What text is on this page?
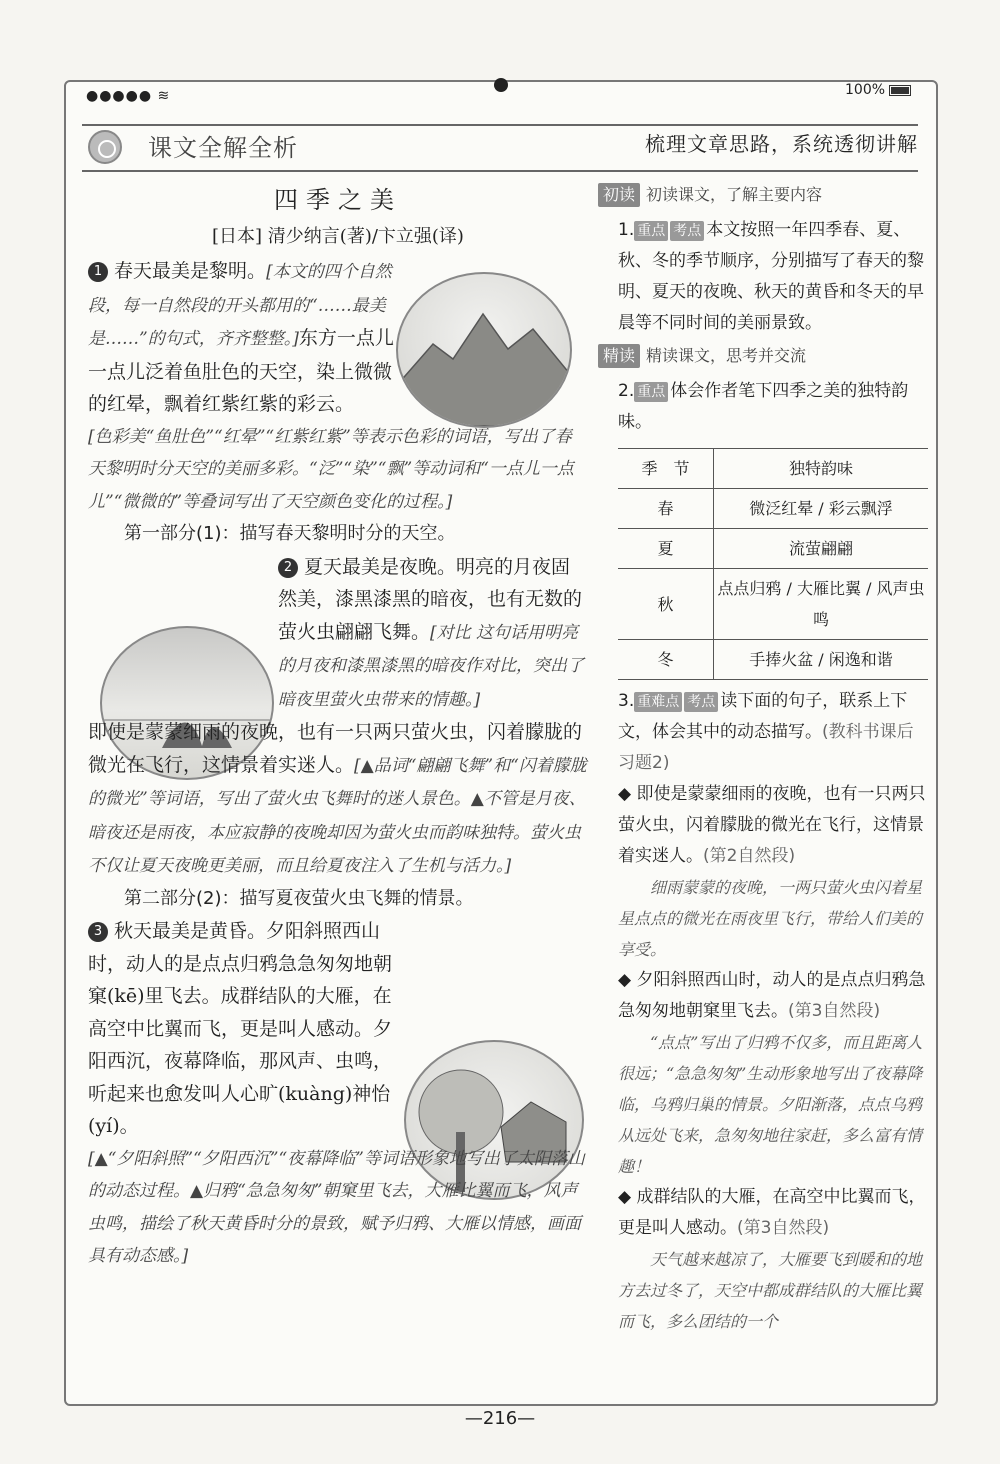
●●●●● ≋	100%
课文全解全析	梳理文章思路，系统透彻讲解
四季之美
[日本] 清少纳言(著)/卞立强(译)
1 春天最美是黎明。[本文的四个自然段，每一自然段的开头都用的“……最美是……”的句式，齐齐整整。]东方一点儿一点儿泛着鱼肚色的天空，染上微微的红晕，飘着红紫红紫的彩云。
[色彩美“鱼肚色”“红晕”“红紫红紫”等表示色彩的词语，写出了春天黎明时分天空的美丽多彩。“泛”“染”“飘”等动词和“一点儿一点儿”“微微的”等叠词写出了天空颜色变化的过程。]
第一部分(1)：描写春天黎明时分的天空。
2 夏天最美是夜晚。明亮的月夜固然美，漆黑漆黑的暗夜，也有无数的萤火虫翩翩飞舞。[对比 这句话用明亮的月夜和漆黑漆黑的暗夜作对比，突出了暗夜里萤火虫带来的情趣。]
即使是蒙蒙细雨的夜晚，也有一只两只萤火虫，闪着朦胧的微光在飞行，这情景着实迷人。[▲品词“翩翩飞舞”和“闪着朦胧的微光”等词语，写出了萤火虫飞舞时的迷人景色。▲不管是月夜、暗夜还是雨夜，本应寂静的夜晚却因为萤火虫而韵味独特。萤火虫不仅让夏天夜晚更美丽，而且给夏夜注入了生机与活力。]
第二部分(2)：描写夏夜萤火虫飞舞的情景。
3 秋天最美是黄昏。夕阳斜照西山时，动人的是点点归鸦急急匆匆地朝窠(kē)里飞去。成群结队的大雁，在高空中比翼而飞，更是叫人感动。夕阳西沉，夜幕降临，那风声、虫鸣，听起来也愈发叫人心旷(kuàng)神怡(yí)。
[▲“夕阳斜照”“夕阳西沉”“夜幕降临”等词语形象地写出了太阳落山的动态过程。▲归鸦“急急匆匆”朝窠里飞去，大雁比翼而飞，风声虫鸣，描绘了秋天黄昏时分的景致，赋予归鸦、大雁以情感，画面具有动态感。]
初读 初读课文，了解主要内容
1. 重点 考点 本文按照一年四季春、夏、秋、冬的季节顺序，分别描写了春天的黎明、夏天的夜晚、秋天的黄昏和冬天的早晨等不同时间的美丽景致。
精读 精读课文，思考并交流
2. 重点 体会作者笔下四季之美的独特韵味。
季　节	独特韵味
春	微泛红晕 / 彩云飘浮
夏	流萤翩翩
秋	点点归鸦 / 大雁比翼 / 风声虫鸣
冬	手捧火盆 / 闲逸和谐
3. 重难点 考点 读下面的句子，联系上下文，体会其中的动态描写。(教科书课后习题2)
◆ 即使是蒙蒙细雨的夜晚，也有一只两只萤火虫，闪着朦胧的微光在飞行，这情景着实迷人。(第2自然段)
细雨蒙蒙的夜晚，一两只萤火虫闪着星星点点的微光在雨夜里飞行，带给人们美的享受。
◆ 夕阳斜照西山时，动人的是点点归鸦急急匆匆地朝窠里飞去。(第3自然段)
“点点”写出了归鸦不仅多，而且距离人很远；“急急匆匆”生动形象地写出了夜幕降临，乌鸦归巢的情景。夕阳渐落，点点乌鸦从远处飞来，急匆匆地往家赶，多么富有情趣！
◆ 成群结队的大雁，在高空中比翼而飞，更是叫人感动。(第3自然段)
天气越来越凉了，大雁要飞到暖和的地方去过冬了，天空中都成群结队的大雁比翼而飞，多么团结的一个
—216—
